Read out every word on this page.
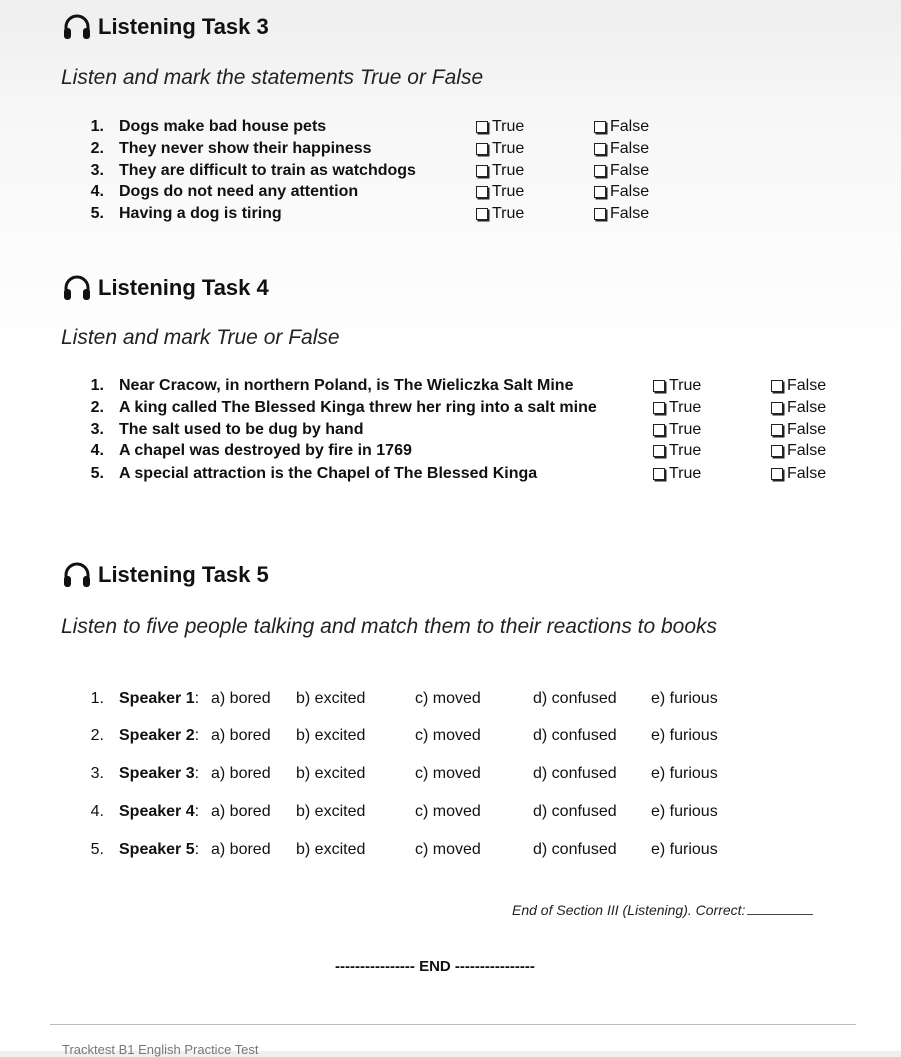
Listening Task 3
Listen and mark the statements True or False
1. Dogs make bad house pets	True	False
2. They never show their happiness	True	False
3. They are difficult to train as watchdogs	True	False
4. Dogs do not need any attention	True	False
5. Having a dog is tiring	True	False
Listening Task 4
Listen and mark True or False
1. Near Cracow, in northern Poland, is The Wieliczka Salt Mine	True	False
2. A king called The Blessed Kinga threw her ring into a salt mine	True	False
3. The salt used to be dug by hand	True	False
4. A chapel was destroyed by fire in 1769	True	False
5. A special attraction is the Chapel of The Blessed Kinga	True	False
Listening Task 5
Listen to five people talking and match them to their reactions to books
1. Speaker 1: a) bored b) excited	c) moved	d) confused e) furious
2. Speaker 2: a) bored b) excited	c) moved	d) confused e) furious
3. Speaker 3: a) bored b) excited	c) moved	d) confused e) furious
4. Speaker 4: a) bored b) excited	c) moved	d) confused e) furious
5. Speaker 5: a) bored b) excited	c) moved	d) confused e) furious
End of Section III (Listening). Correct:
---------------- END ----------------
Tracktest B1 English Practice Test
